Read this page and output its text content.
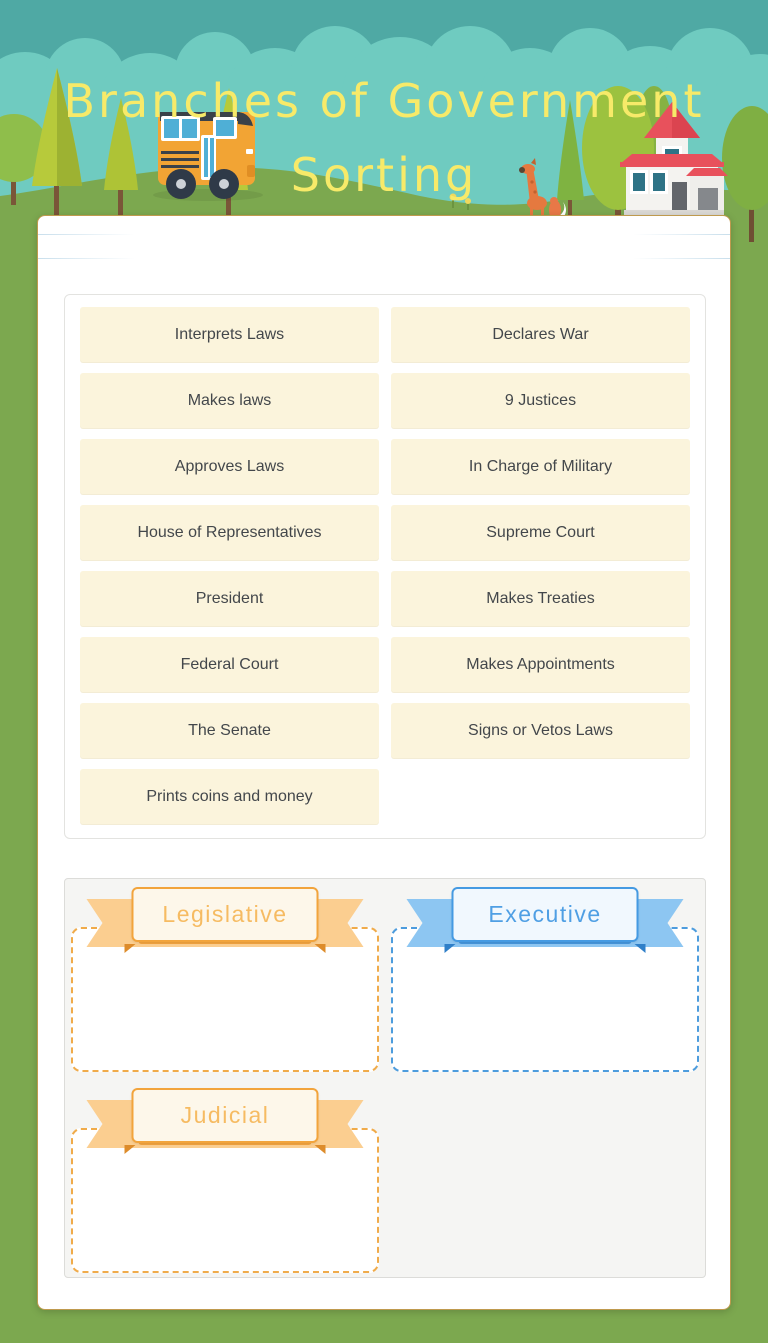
Branches of Government
Sorting
Interprets Laws	Declares War
Makes laws	9 Justices
Approves Laws	In Charge of Military
House of Representatives	Supreme Court
President	Makes Treaties
Federal Court	Makes Appointments
The Senate	Signs or Vetos Laws
Prints coins and money
Legislative	Executive
Judicial
